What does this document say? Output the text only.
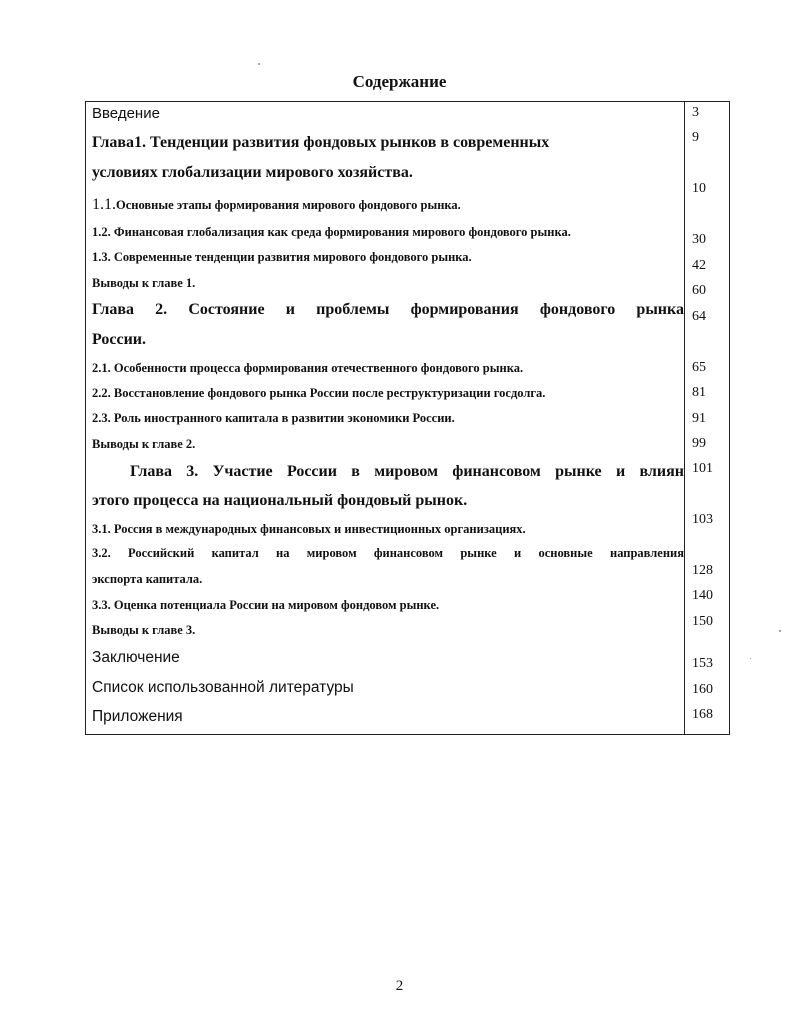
Содержание
Введение
Глава1. Тенденции развития фондовых рынков в современных
условиях глобализации мирового хозяйства.
1.1.Основные этапы формирования мирового фондового рынка.
1.2. Финансовая глобализация как среда формирования мирового фондового рынка.
1.3. Современные тенденции развития мирового фондового рынка.
Выводы к главе 1.
Глава 2. Состояние и проблемы формирования фондового рынка
России.
2.1. Особенности процесса формирования отечественного фондового рынка.
2.2. Восстановление фондового рынка России после реструктуризации госдолга.
2.3. Роль иностранного капитала в развитии экономики России.
Выводы к главе 2.
Глава 3. Участие России в мировом финансовом рынке и влиян
этого процесса на национальный фондовый рынок.
3.1. Россия в международных финансовых и инвестиционных организациях.
3.2. Российский капитал на мировом финансовом рынке и основные направления
экспорта капитала.
3.3. Оценка потенциала России на мировом фондовом рынке.
Выводы к главе 3.
Заключение
Список использованной литературы
Приложения
3
9
10
30
42
60
64
65
81
91
99
101
103
128
140
150
153
160
168
2
